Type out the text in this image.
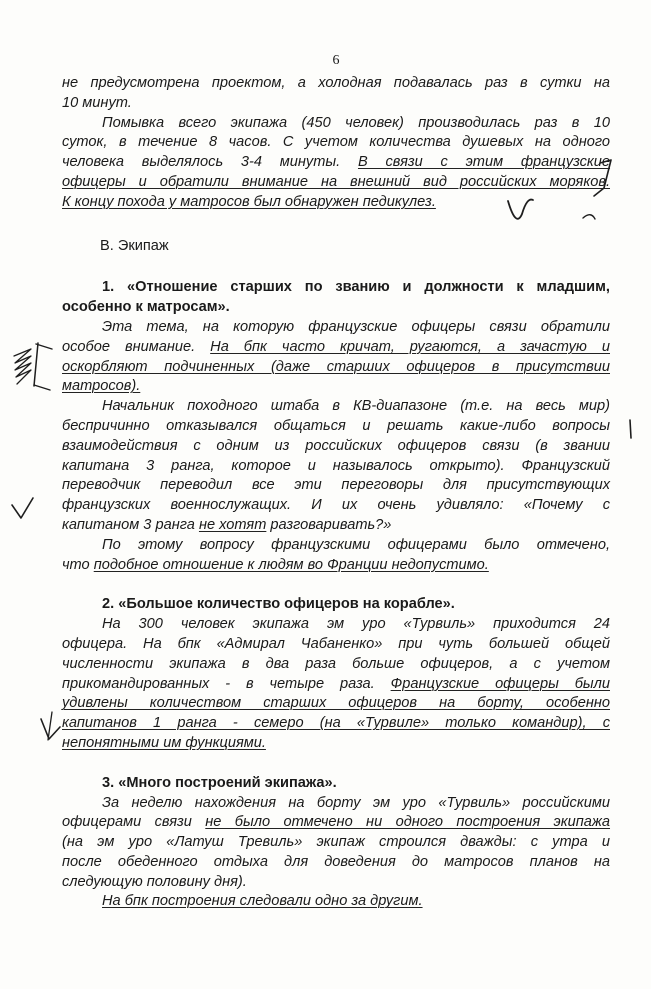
6
не предусмотрена проектом, а холодная подавалась раз в сутки на
10 минут.
Помывка всего экипажа (450 человек) производилась раз в 10
суток, в течение 8 часов. С учетом количества душевых на одного
человека выделялось 3-4 минуты. В связи с этим французские
офицеры и обратили внимание на внешний вид российских моряков.
К концу похода у матросов был обнаружен педикулез.
В. Экипаж
1. «Отношение старших по званию и должности к младшим,
особенно к матросам».
Эта тема, на которую французские офицеры связи обратили
особое внимание. На бпк часто кричат, ругаются, а зачастую и
оскорбляют подчиненных (даже старших офицеров в присутствии
матросов).
Начальник походного штаба в КВ-диапазоне (т.е. на весь мир)
беспричинно отказывался общаться и решать какие-либо вопросы
взаимодействия с одним из российских офицеров связи (в звании
капитана 3 ранга, которое и называлось открыто). Французский
переводчик переводил все эти переговоры для присутствующих
французских военнослужащих. И их очень удивляло: «Почему с
капитаном 3 ранга не хотят разговаривать?»
По этому вопросу французскими офицерами было отмечено,
что подобное отношение к людям во Франции недопустимо.
2. «Большое количество офицеров на корабле».
На 300 человек экипажа эм уро «Турвиль» приходится 24
офицера. На бпк «Адмирал Чабаненко» при чуть большей общей
численности экипажа в два раза больше офицеров, а с учетом
прикомандированных - в четыре раза. Французские офицеры были
удивлены количеством старших офицеров на борту, особенно
капитанов 1 ранга - семеро (на «Турвиле» только командир), с
непонятными им функциями.
3. «Много построений экипажа».
За неделю нахождения на борту эм уро «Турвиль» российскими
офицерами связи не было отмечено ни одного построения экипажа
(на эм уро «Латуш Тревиль» экипаж строился дважды: с утра и
после обеденного отдыха для доведения до матросов планов на
следующую половину дня).
На бпк построения следовали одно за другим.
